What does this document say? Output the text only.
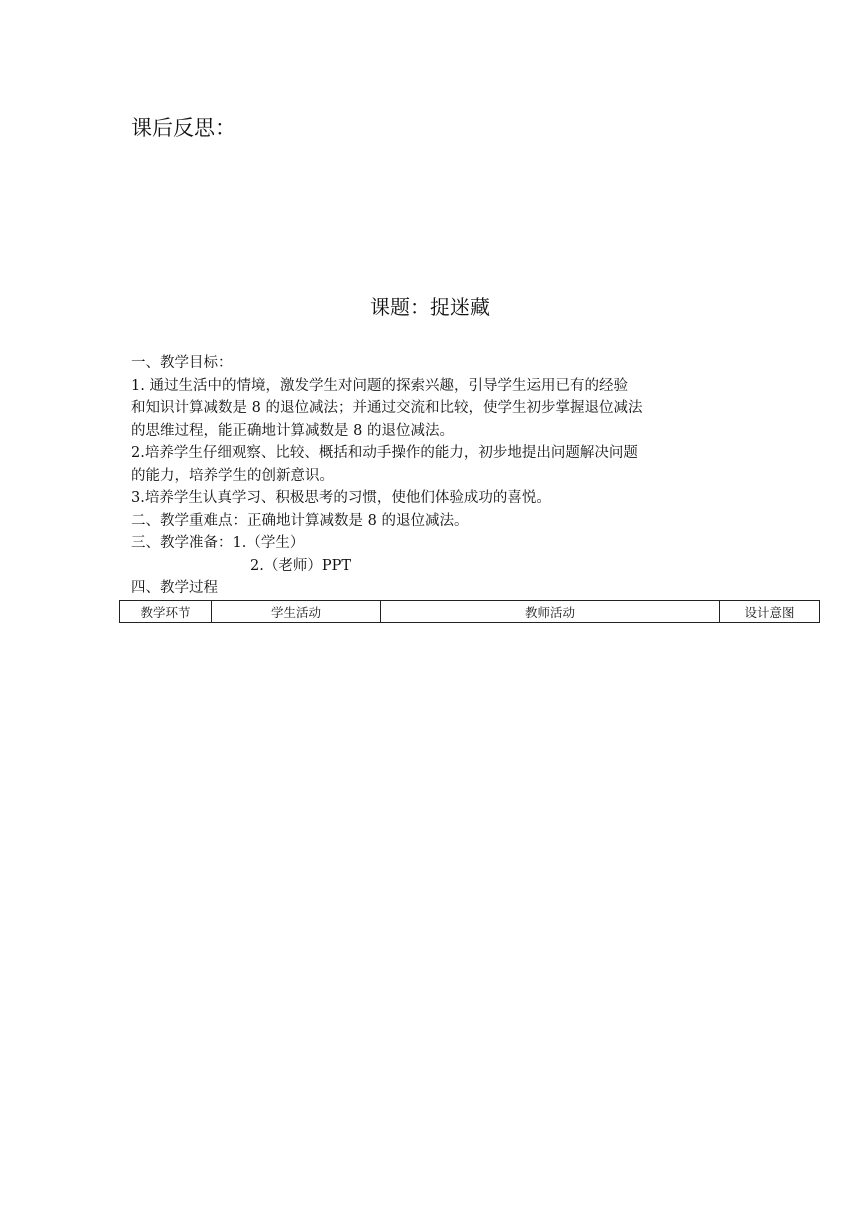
课后反思：
课题：捉迷藏
一、教学目标：
1. 通过生活中的情境，激发学生对问题的探索兴趣，引导学生运用已有的经验
和知识计算减数是 8 的退位减法；并通过交流和比较，使学生初步掌握退位减法
的思维过程，能正确地计算减数是 8 的退位减法。
2.培养学生仔细观察、比较、概括和动手操作的能力，初步地提出问题解决问题
的能力，培养学生的创新意识。
3.培养学生认真学习、积极思考的习惯，使他们体验成功的喜悦。
二、教学重难点：正确地计算减数是 8 的退位减法。
三、教学准备：1.（学生）
2.（老师）PPT
四、教学过程
教学环节	学生活动	教师活动	设计意图
